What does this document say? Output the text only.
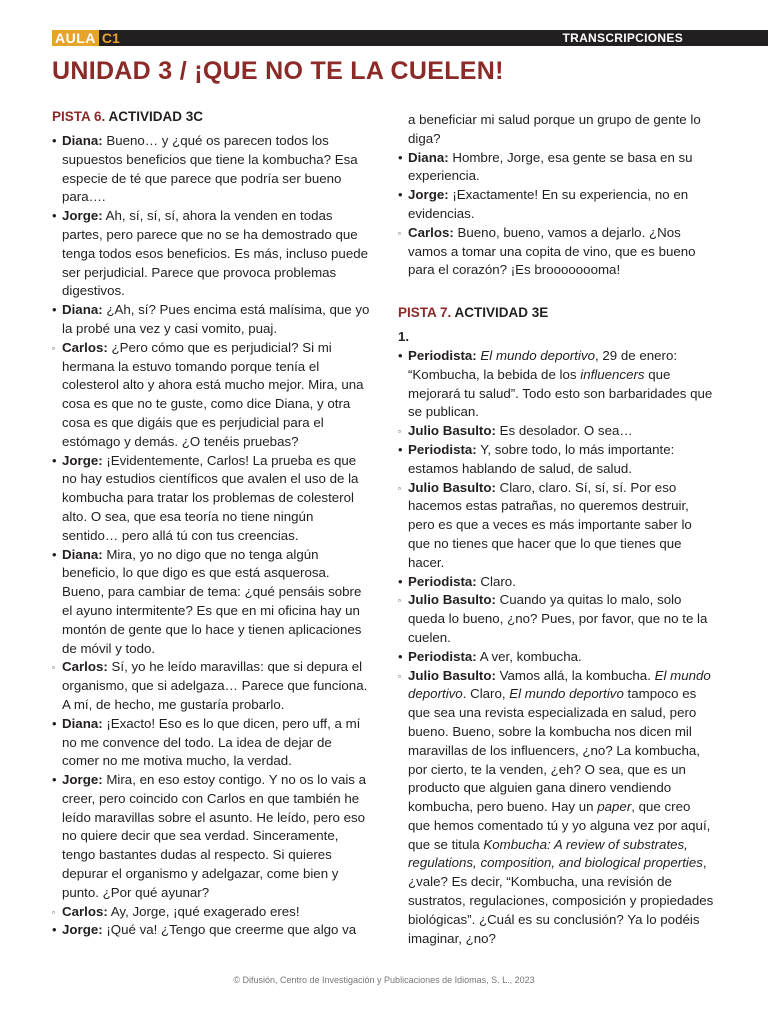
AULA C1	TRANSCRIPCIONES
UNIDAD 3 / ¡QUE NO TE LA CUELEN!
PISTA 6. ACTIVIDAD 3C
• Diana: Bueno… y ¿qué os parecen todos los supuestos beneficios que tiene la kombucha? Esa especie de té que parece que podría ser bueno para….
• Jorge: Ah, sí, sí, sí, ahora la venden en todas partes, pero parece que no se ha demostrado que tenga todos esos beneficios. Es más, incluso puede ser perjudicial. Parece que provoca problemas digestivos.
• Diana: ¿Ah, sí? Pues encima está malísima, que yo la probé una vez y casi vomito, puaj.
▫ Carlos: ¿Pero cómo que es perjudicial? Si mi hermana la estuvo tomando porque tenía el colesterol alto y ahora está mucho mejor. Mira, una cosa es que no te guste, como dice Diana, y otra cosa es que digáis que es perjudicial para el estómago y demás. ¿O tenéis pruebas?
• Jorge: ¡Evidentemente, Carlos! La prueba es que no hay estudios científicos que avalen el uso de la kombucha para tratar los problemas de colesterol alto. O sea, que esa teoría no tiene ningún sentido… pero allá tú con tus creencias.
• Diana: Mira, yo no digo que no tenga algún beneficio, lo que digo es que está asquerosa. Bueno, para cambiar de tema: ¿qué pensáis sobre el ayuno intermitente? Es que en mi oficina hay un montón de gente que lo hace y tienen aplicaciones de móvil y todo.
▫ Carlos: Sí, yo he leído maravillas: que si depura el organismo, que si adelgaza… Parece que funciona. A mí, de hecho, me gustaría probarlo.
• Diana: ¡Exacto! Eso es lo que dicen, pero uff, a mí no me convence del todo. La idea de dejar de comer no me motiva mucho, la verdad.
• Jorge: Mira, en eso estoy contigo. Y no os lo vais a creer, pero coincido con Carlos en que también he leído maravillas sobre el asunto. He leído, pero eso no quiere decir que sea verdad. Sinceramente, tengo bastantes dudas al respecto. Si quieres depurar el organismo y adelgazar, come bien y punto. ¿Por qué ayunar?
▫ Carlos: Ay, Jorge, ¡qué exagerado eres!
• Jorge: ¡Qué va! ¿Tengo que creerme que algo va
a beneficiar mi salud porque un grupo de gente lo diga?
• Diana: Hombre, Jorge, esa gente se basa en su experiencia.
• Jorge: ¡Exactamente! En su experiencia, no en evidencias.
▫ Carlos: Bueno, bueno, vamos a dejarlo. ¿Nos vamos a tomar una copita de vino, que es bueno para el corazón? ¡Es broooooooma!
PISTA 7. ACTIVIDAD 3E
1.
• Periodista: El mundo deportivo, 29 de enero: “Kombucha, la bebida de los influencers que mejorará tu salud”. Todo esto son barbaridades que se publican.
▫ Julio Basulto: Es desolador. O sea…
• Periodista: Y, sobre todo, lo más importante: estamos hablando de salud, de salud.
▫ Julio Basulto: Claro, claro. Sí, sí, sí. Por eso hacemos estas patrañas, no queremos destruir, pero es que a veces es más importante saber lo que no tienes que hacer que lo que tienes que hacer.
• Periodista: Claro.
▫ Julio Basulto: Cuando ya quitas lo malo, solo queda lo bueno, ¿no? Pues, por favor, que no te la cuelen.
• Periodista: A ver, kombucha.
▫ Julio Basulto: Vamos allá, la kombucha. El mundo deportivo. Claro, El mundo deportivo tampoco es que sea una revista especializada en salud, pero bueno. Bueno, sobre la kombucha nos dicen mil maravillas de los influencers, ¿no? La kombucha, por cierto, te la venden, ¿eh? O sea, que es un producto que alguien gana dinero vendiendo kombucha, pero bueno. Hay un paper, que creo que hemos comentado tú y yo alguna vez por aquí, que se titula Kombucha: A review of substrates, regulations, composition, and biological properties, ¿vale? Es decir, “Kombucha, una revisión de sustratos, regulaciones, composición y propiedades biológicas”. ¿Cuál es su conclusión? Ya lo podéis imaginar, ¿no?
© Difusión, Centro de Investigación y Publicaciones de Idiomas, S. L., 2023
